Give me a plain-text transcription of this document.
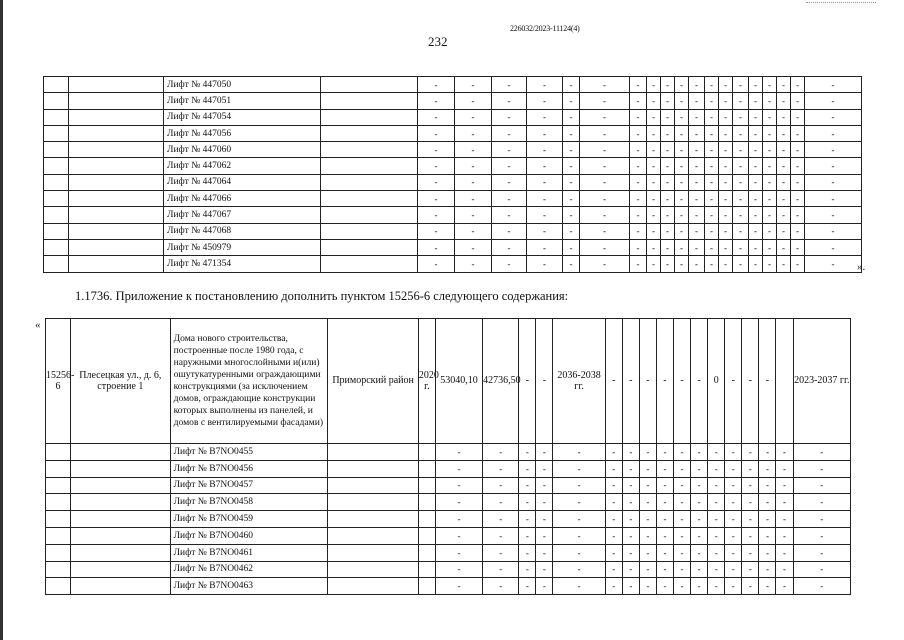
232
226032/2023-11124(4)
		Лифт № 447050		-	-	-	-	-	-	-	-	-	-	-	-	-	-	-	-	-	-	-
		Лифт № 447051		-	-	-	-	-	-	-	-	-	-	-	-	-	-	-	-	-	-	-
		Лифт № 447054		-	-	-	-	-	-	-	-	-	-	-	-	-	-	-	-	-	-	-
		Лифт № 447056		-	-	-	-	-	-	-	-	-	-	-	-	-	-	-	-	-	-	-
		Лифт № 447060		-	-	-	-	-	-	-	-	-	-	-	-	-	-	-	-	-	-	-
		Лифт № 447062		-	-	-	-	-	-	-	-	-	-	-	-	-	-	-	-	-	-	-
		Лифт № 447064		-	-	-	-	-	-	-	-	-	-	-	-	-	-	-	-	-	-	-
		Лифт № 447066		-	-	-	-	-	-	-	-	-	-	-	-	-	-	-	-	-	-	-
		Лифт № 447067		-	-	-	-	-	-	-	-	-	-	-	-	-	-	-	-	-	-	-
		Лифт № 447068		-	-	-	-	-	-	-	-	-	-	-	-	-	-	-	-	-	-	-
		Лифт № 450979		-	-	-	-	-	-	-	-	-	-	-	-	-	-	-	-	-	-	-
		Лифт № 471354		-	-	-	-	-	-	-	-	-	-	-	-	-	-	-	-	-	-	- ».
1.1736. Приложение к постановлению дополнить пунктом 15256-6 следующего содержания:
«
15256-6	Плесецкая ул., д. 6, строение 1	Дома нового строительства, построенные после 1980 года, с наружными многослойными и(или) ошутукатуренными ограждающими конструкциями (за исключением домов, ограждающие конструкции которых выполнены из панелей, и домов с вентилируемыми фасадами)	Приморский район	2020 г.	53040,10	42736,50	-	-	2036-2038 гг.	-	-	-	-	-	-	0	-	-	-		2023-2037 гг.
		Лифт № B7NO0455			-	-	-	-	-	-	-	-	-	-	-	-	-	-	-	-	-
		Лифт № B7NO0456			-	-	-	-	-	-	-	-	-	-	-	-	-	-	-	-	-
		Лифт № B7NO0457			-	-	-	-	-	-	-	-	-	-	-	-	-	-	-	-	-
		Лифт № B7NO0458			-	-	-	-	-	-	-	-	-	-	-	-	-	-	-	-	-
		Лифт № B7NO0459			-	-	-	-	-	-	-	-	-	-	-	-	-	-	-	-	-
		Лифт № B7NO0460			-	-	-	-	-	-	-	-	-	-	-	-	-	-	-	-	-
		Лифт № B7NO0461			-	-	-	-	-	-	-	-	-	-	-	-	-	-	-	-	-
		Лифт № B7NO0462			-	-	-	-	-	-	-	-	-	-	-	-	-	-	-	-	-
		Лифт № B7NO0463			-	-	-	-	-	-	-	-	-	-	-	-	-	-	-	-	-
